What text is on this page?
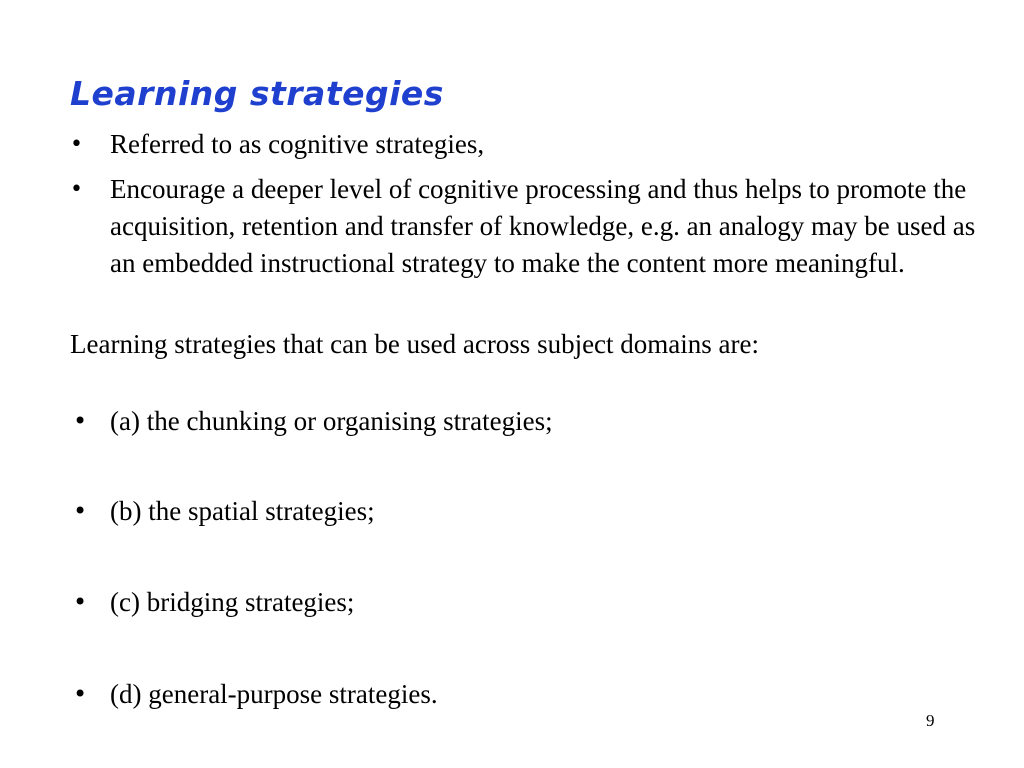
Learning strategies
•	Referred to as cognitive strategies,
•	Encourage a deeper level of cognitive processing and thus helps to promote the acquisition, retention and transfer of knowledge, e.g. an analogy may be used as an embedded instructional strategy to make the content more meaningful.
Learning strategies that can be used across subject domains are:
• (a) the chunking or organising strategies;
• (b) the spatial strategies;
• (c) bridging strategies;
• (d) general-purpose strategies.
9
